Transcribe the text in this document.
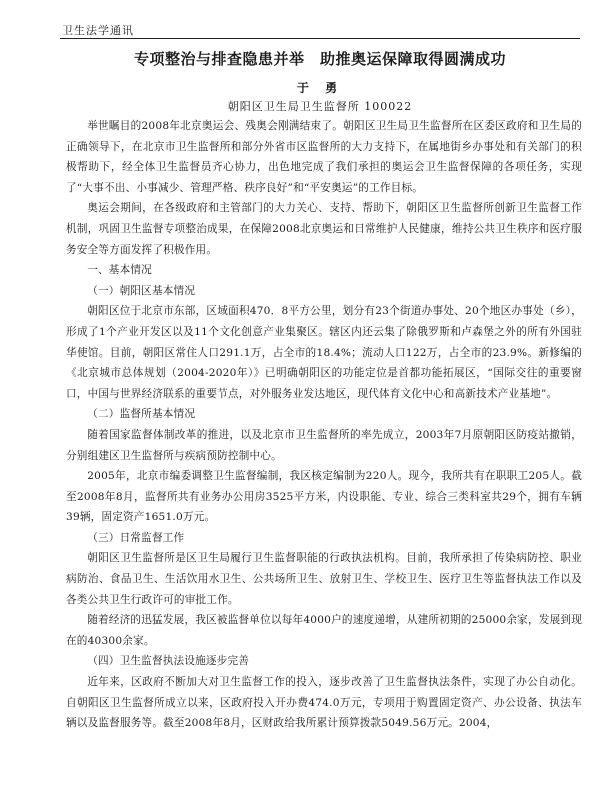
卫生法学通讯
专项整治与排查隐患并举　助推奥运保障取得圆满成功
于 勇
朝阳区卫生局卫生监督所 100022

举世瞩目的2008年北京奥运会、残奥会刚满结束了。朝阳区卫生局卫生监督所在区委区政府和卫生局的正确领导下，在北京市卫生监督所和部分外省市区监督所的大力支持下，在属地街乡办事处和有关部门的积极帮助下，经全体卫生监督员齐心协力，出色地完成了我们承担的奥运会卫生监督保障的各项任务，实现了“大事不出、小事减少、管理严格、秩序良好”和“平安奥运”的工作目标。

奥运会期间，在各级政府和主管部门的大力关心、支持、帮助下，朝阳区卫生监督所创新卫生监督工作机制，巩固卫生监督专项整治成果，在保障2008北京奥运和日常维护人民健康，维持公共卫生秩序和医疗服务安全等方面发挥了积极作用。

一、基本情况

（一）朝阳区基本情况

朝阳区位于北京市东部，区域面积470．8平方公里，划分有23个街道办事处、20个地区办事处（乡），形成了1个产业开发区以及11个文化创意产业集聚区。辖区内还云集了除俄罗斯和卢森堡之外的所有外国驻华使馆。目前，朝阳区常住人口291.1万，占全市的18.4%；流动人口122万，占全市的23.9%。新修编的《北京城市总体规划（2004-2020年）》已明确朝阳区的功能定位是首都功能拓展区，“国际交往的重要窗口，中国与世界经济联系的重要节点，对外服务业发达地区，现代体育文化中心和高新技术产业基地”。

（二）监督所基本情况

随着国家监督体制改革的推进，以及北京市卫生监督所的率先成立，2003年7月原朝阳区防疫站撤销，分别组建区卫生监督所与疾病预防控制中心。

2005年，北京市编委调整卫生监督编制，我区核定编制为220人。现今，我所共有在职职工205人。截至2008年8月，监督所共有业务办公用房3525平方米，内设职能、专业、综合三类科室共29个，拥有车辆39辆，固定资产1651.0万元。

（三）日常监督工作

朝阳区卫生监督所是区卫生局履行卫生监督职能的行政执法机构。目前，我所承担了传染病防控、职业病防治、食品卫生、生活饮用水卫生、公共场所卫生、放射卫生、学校卫生、医疗卫生等监督执法工作以及各类公共卫生行政许可的审批工作。

随着经济的迅猛发展，我区被监督单位以每年4000户的速度递增，从建所初期的25000余家，发展到现在的40300余家。

（四）卫生监督执法设施逐步完善

近年来，区政府不断加大对卫生监督工作的投入，逐步改善了卫生监督执法条件，实现了办公自动化。自朝阳区卫生监督所成立以来，区政府投入开办费474.0万元，专项用于购置固定资产、办公设备、执法车辆以及监督服务等。截至2008年8月，区财政给我所累计预算拨款5049.56万元。2004，
